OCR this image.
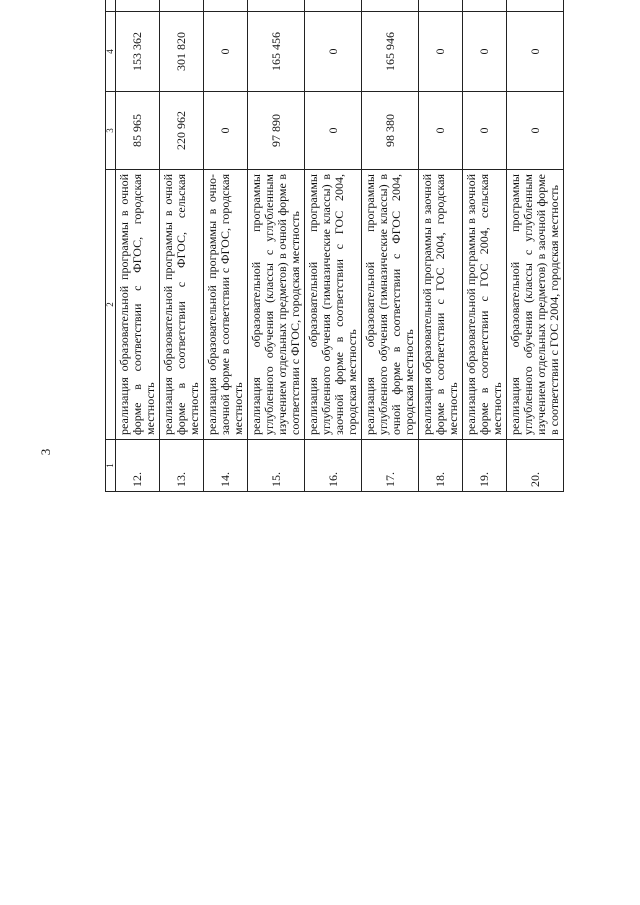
3
1	2	3	4				
12.	реализация образовательной программы в очной форме в соответствии с ФГОС, городская местность	85 965	153 362				
13.	реализация образовательной программы в очной форме в соответствии с ФГОС, сельская местность	220 962	301 820				
14.	реализация образовательной программы в очно-заочной форме в соответствии с ФГОС, городская местность	0	0				
15.	реализация образовательной программы углубленного обучения (классы с углубленным изучением отдельных предметов) в очной форме в соответствии с ФГОС, городская местность	97 890	165 456				
16.	реализация образовательной программы углубленного обучения (гимназические классы) в заочной форме в соответствии с ГОС 2004, городская местность	0	0				
17.	реализация образовательной программы углубленного обучения (гимназические классы) в очной форме в соответствии с ФГОС 2004, городская местность	98 380	165 946				
18.	реализация образовательной программы в заочной форме в соответствии с ГОС 2004, городская местность	0	0				
19.	реализация образовательной программы в заочной форме в соответствии с ГОС 2004, сельская местность	0	0				
20.	реализация образовательной программы углубленного обучения (классы с углубленным изучением отдельных предметов) в заочной форме в соответствии с ГОС 2004, городская местность	0	0				
